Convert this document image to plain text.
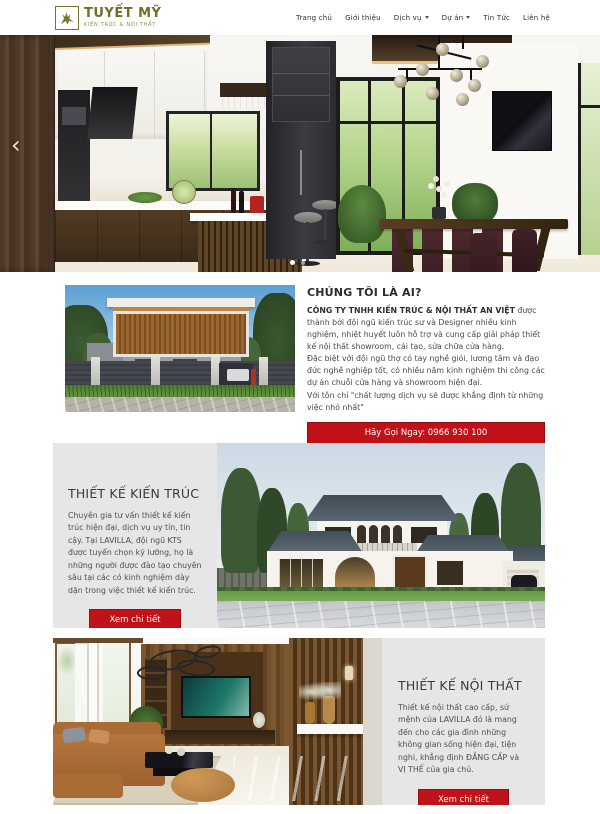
TUYẾT MỸ
KIẾN TRÚC & NỘI THẤT
Trang chủ Giới thiệu Dịch vụ	Dự án	Tin Tức Liên hệ
‹
CHÚNG TÔI LÀ AI?

CÔNG TY TNHH KIẾN TRÚC & NỘI THẤT AN VIỆT được thành bởi đội ngũ kiến trúc sư và Designer nhiều kinh nghiệm, nhiệt huyết luôn hỗ trợ và cung cấp giải pháp thiết kế nội thất showroom, cải tạo, sửa chữa cửa hàng.

Đặc biệt với đội ngũ thợ có tay nghề giỏi, lương tâm và đạo đức nghề nghiệp tốt, có nhiều năm kinh nghiệm thi công các dự án chuỗi cửa hàng và showroom hiện đại.

Với tôn chỉ "chất lượng dịch vụ sẽ được khẳng định từ những việc nhỏ nhất"

Hãy Gọi Ngay: 0966 930 100
THIẾT KẾ KIẾN TRÚC

Chuyên gia tư vấn thiết kế kiến trúc hiện đại, dịch vụ uy tín, tin cậy. Tại LAVILLA, đội ngũ KTS được tuyển chọn kỹ lưỡng, họ là những người được đào tạo chuyên sâu tại các có kinh nghiệm dày dặn trong việc thiết kế kiến trúc.

Xem chi tiết
THIẾT KẾ NỘI THẤT

Thiết kế nội thất cao cấp, sứ mệnh của LAVILLA đó là mang đến cho các gia đình những không gian sống hiện đại, tiện nghi, khẳng định ĐẲNG CẤP và VỊ THẾ của gia chủ.

Xem chi tiết
